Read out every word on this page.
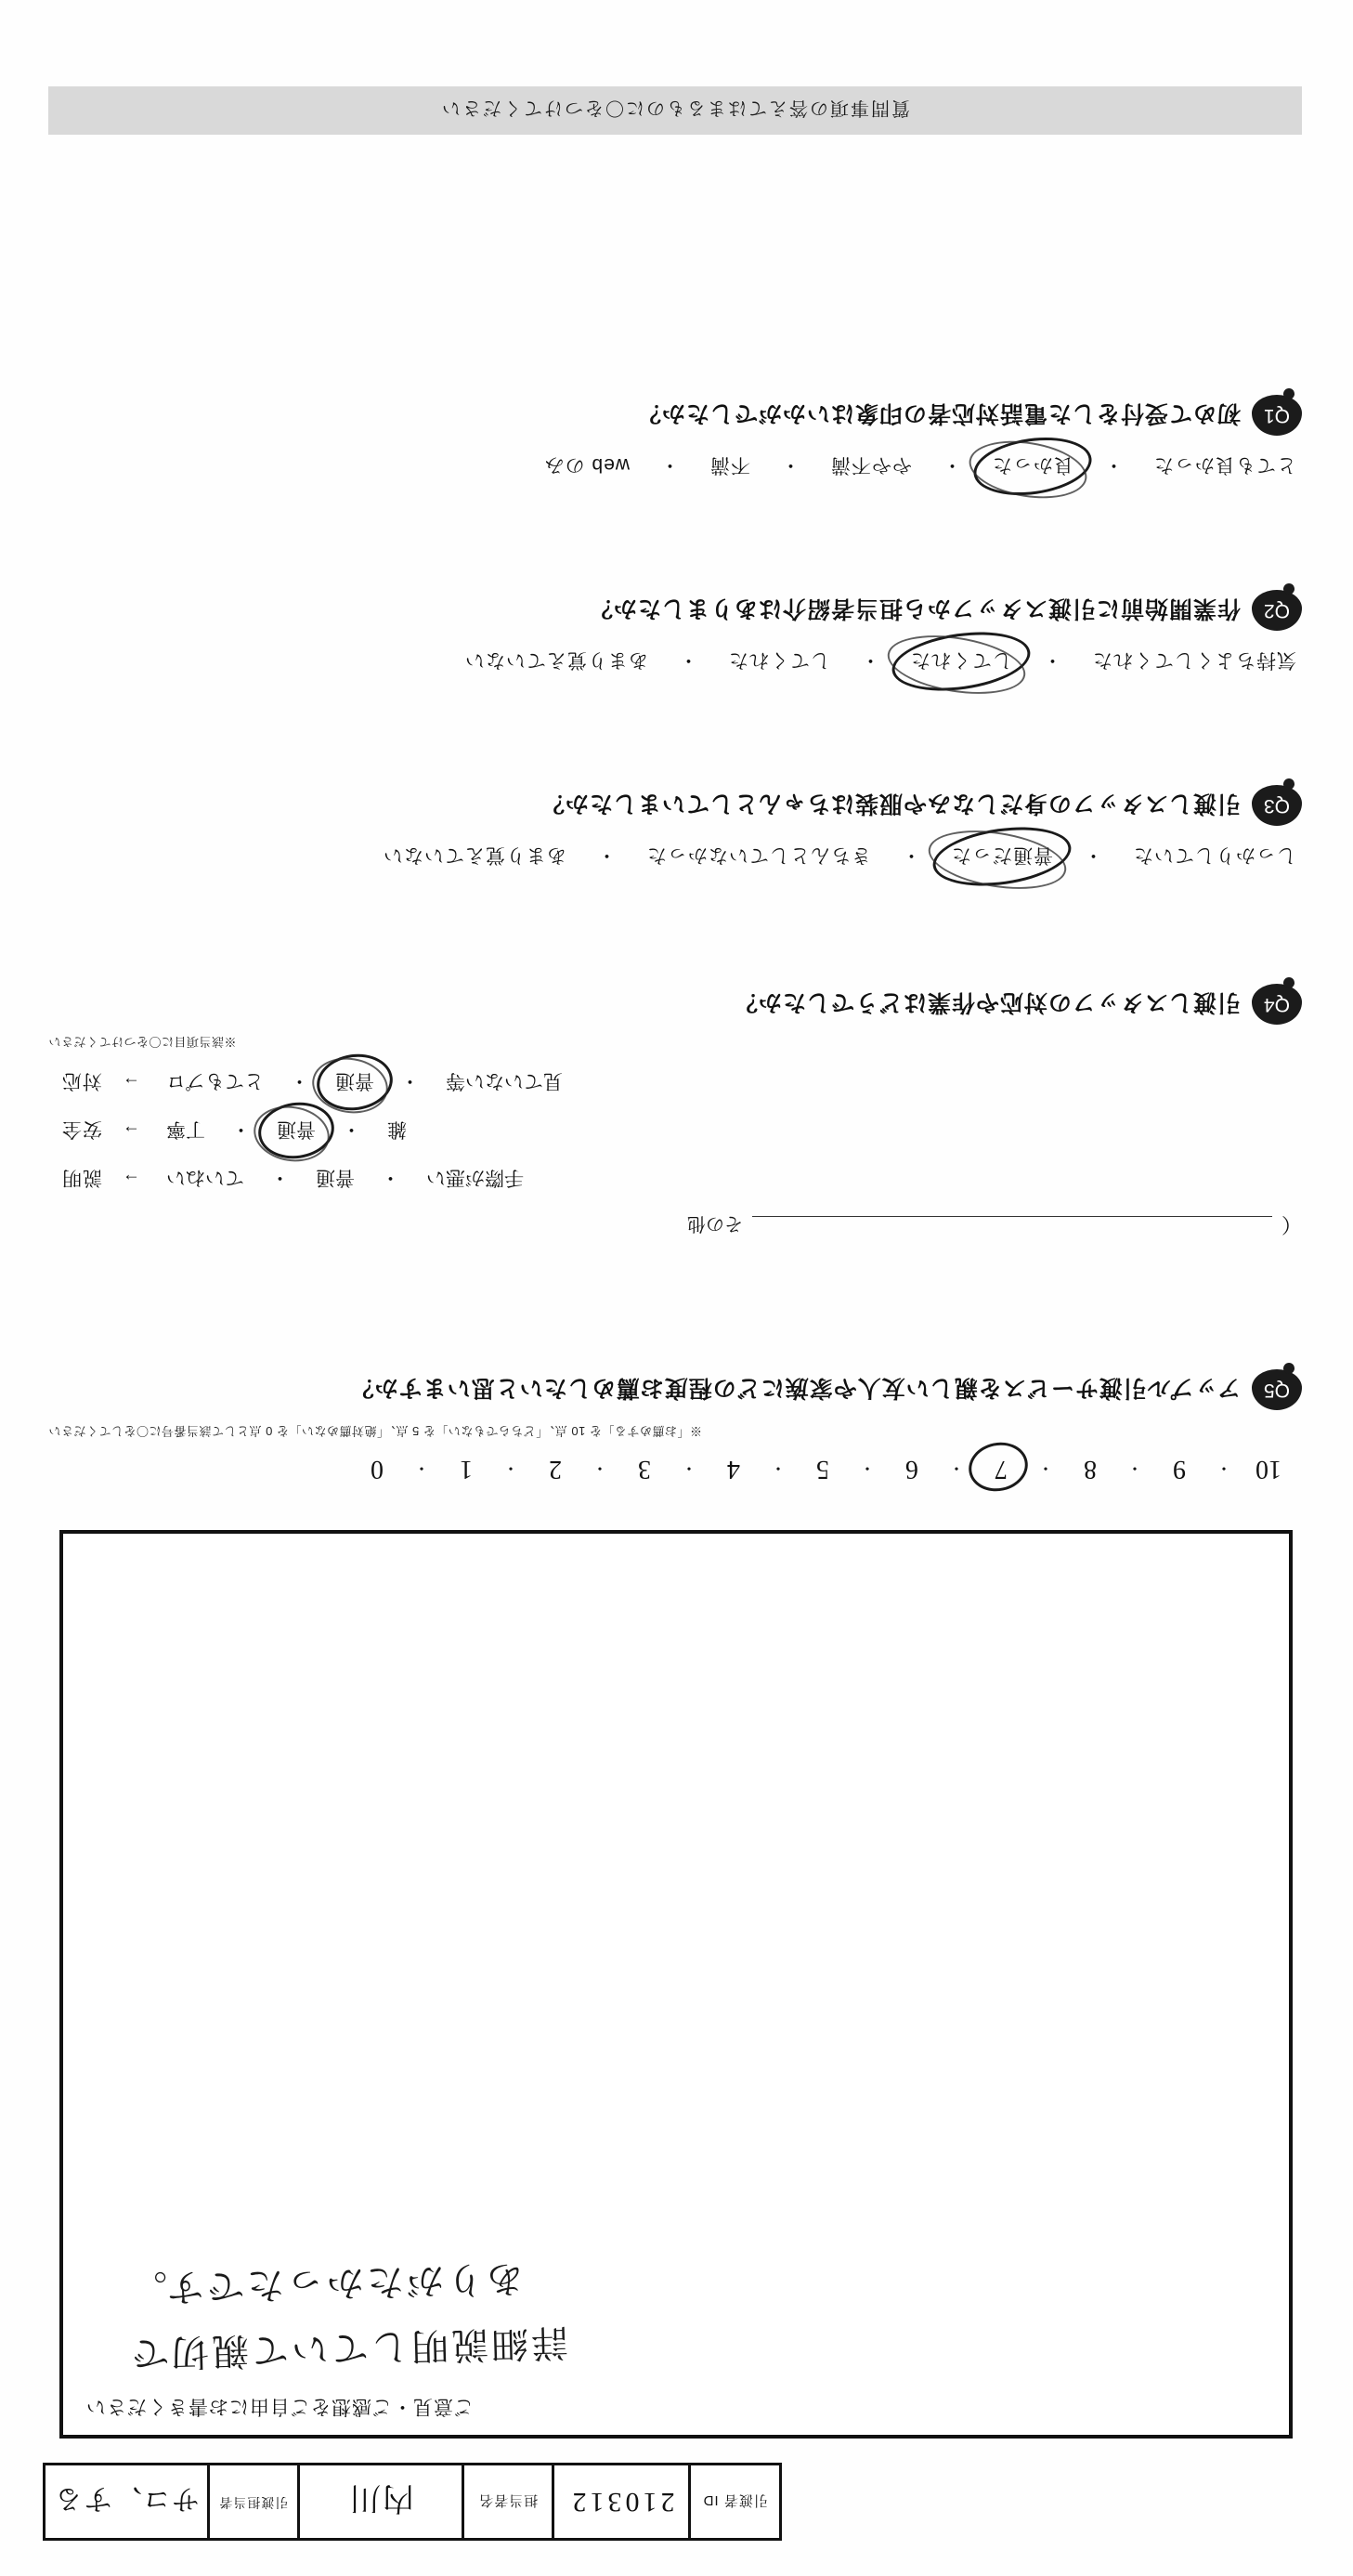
引渡者 ID
210312
担当者名
内川
引渡担当者
サコ、する
ご意見・ご感想をご自由にお書きください
詳細説明していて親切で
ありがたかったです。
10
・
9
・
8
・
7
・
6
・
5
・
4
・
3
・
2
・
1
・
0
※「お薦めする」を 10 点、「どちらでもない」を 5 点、「絶対薦めない」を 0 点として該当番号に〇をしてください
Q5
アップル引渡サービスを親しい友人や家族にどの程度お薦めしたいと思いますか？
（
その他
手際が悪い
・
普通
・
ていねい
→
説明
雑
・
普通
・
丁寧
→
安全
見ていない等
・
普通
・
とてもプロ
→
対応
※該当項目に〇をつけてください
Q4
引渡しスタッフの対応や作業はどうでしたか？
しっかりしていた
・
普通だった
・
きちんとしていなかった
・
あまり覚えていない
Q3
引渡しスタッフの身だしなみや服装はちゃんとしていましたか？
気持ちよくしてくれた
・
してくれた
・
してくれた
・
あまり覚えていない
Q2
作業開始前に引渡スタッフから担当者紹介はありましたか？
とても良かった
・
良かった
・
やや不満
・
不満
・
web のみ
Q1
初めて受付をした電話対応者の印象はいかがでしたか？
質問事項の答えてはまるものに〇をつけてください
